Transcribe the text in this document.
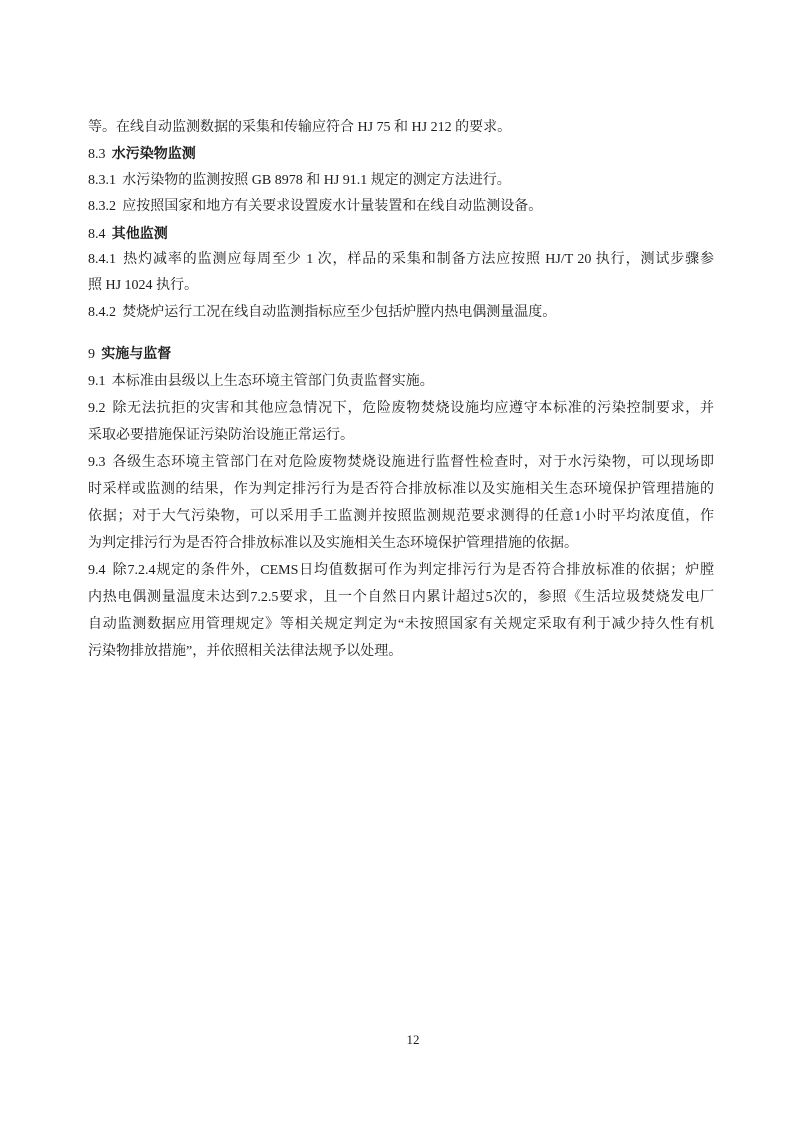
等。在线自动监测数据的采集和传输应符合 HJ 75 和 HJ 212 的要求。
8.3 水污染物监测
8.3.1 水污染物的监测按照 GB 8978 和 HJ 91.1 规定的测定方法进行。
8.3.2 应按照国家和地方有关要求设置废水计量装置和在线自动监测设备。
8.4 其他监测
8.4.1 热灼减率的监测应每周至少 1 次，样品的采集和制备方法应按照 HJ/T 20 执行，测试步骤参
照 HJ 1024 执行。
8.4.2 焚烧炉运行工况在线自动监测指标应至少包括炉膛内热电偶测量温度。
9 实施与监督
9.1 本标准由县级以上生态环境主管部门负责监督实施。
9.2 除无法抗拒的灾害和其他应急情况下，危险废物焚烧设施均应遵守本标准的污染控制要求，并
采取必要措施保证污染防治设施正常运行。
9.3 各级生态环境主管部门在对危险废物焚烧设施进行监督性检查时，对于水污染物，可以现场即
时采样或监测的结果，作为判定排污行为是否符合排放标准以及实施相关生态环境保护管理措施的
依据；对于大气污染物，可以采用手工监测并按照监测规范要求测得的任意1小时平均浓度值，作
为判定排污行为是否符合排放标准以及实施相关生态环境保护管理措施的依据。
9.4 除7.2.4规定的条件外，CEMS日均值数据可作为判定排污行为是否符合排放标准的依据；炉膛
内热电偶测量温度未达到7.2.5要求，且一个自然日内累计超过5次的，参照《生活垃圾焚烧发电厂
自动监测数据应用管理规定》等相关规定判定为“未按照国家有关规定采取有利于减少持久性有机
污染物排放措施”，并依照相关法律法规予以处理。
12
